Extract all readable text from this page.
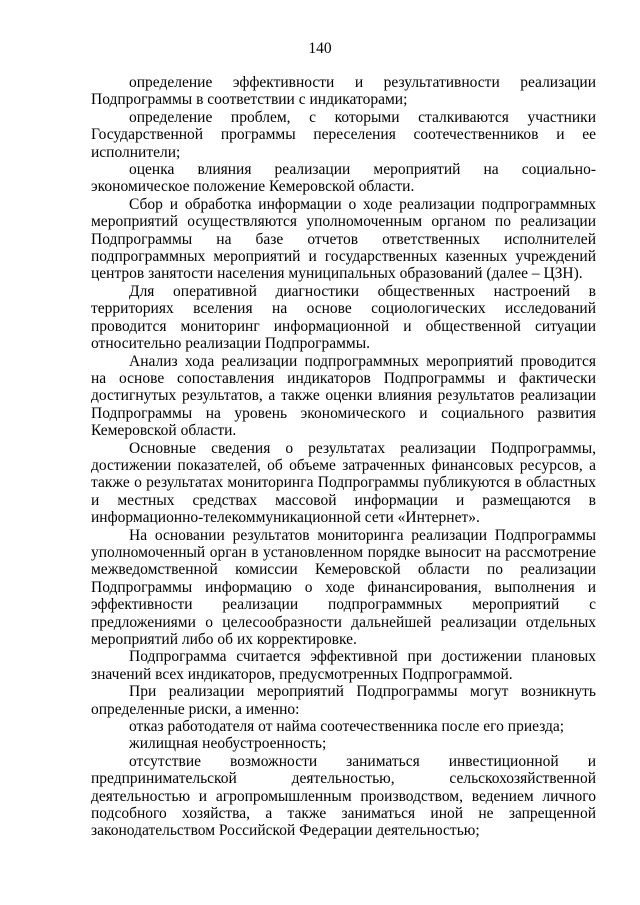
140

определение эффективности и результативности реализации Подпрограммы в соответствии с индикаторами;

определение проблем, с которыми сталкиваются участники Государственной программы переселения соотечественников и ее исполнители;

оценка влияния реализации мероприятий на социально-экономическое положение Кемеровской области.

Сбор и обработка информации о ходе реализации подпрограммных мероприятий осуществляются уполномоченным органом по реализации Подпрограммы на базе отчетов ответственных исполнителей подпрограммных мероприятий и государственных казенных учреждений центров занятости населения муниципальных образований (далее – ЦЗН).

Для оперативной диагностики общественных настроений в территориях вселения на основе социологических исследований проводится мониторинг информационной и общественной ситуации относительно реализации Подпрограммы.

Анализ хода реализации подпрограммных мероприятий проводится на основе сопоставления индикаторов Подпрограммы и фактически достигнутых результатов, а также оценки влияния результатов реализации Подпрограммы на уровень экономического и социального развития Кемеровской области.

Основные сведения о результатах реализации Подпрограммы, достижении показателей, об объеме затраченных финансовых ресурсов, а также о результатах мониторинга Подпрограммы публикуются в областных и местных средствах массовой информации и размещаются в информационно-телекоммуникационной сети «Интернет».

На основании результатов мониторинга реализации Подпрограммы уполномоченный орган в установленном порядке выносит на рассмотрение межведомственной комиссии Кемеровской области по реализации Подпрограммы информацию о ходе финансирования, выполнения и эффективности реализации подпрограммных мероприятий с предложениями о целесообразности дальнейшей реализации отдельных мероприятий либо об их корректировке.

Подпрограмма считается эффективной при достижении плановых значений всех индикаторов, предусмотренных Подпрограммой.

При реализации мероприятий Подпрограммы могут возникнуть определенные риски, а именно:

отказ работодателя от найма соотечественника после его приезда;

жилищная необустроенность;

отсутствие возможности заниматься инвестиционной и предпринимательской деятельностью, сельскохозяйственной деятельностью и агропромышленным производством, ведением личного подсобного хозяйства, а также заниматься иной не запрещенной законодательством Российской Федерации деятельностью;
